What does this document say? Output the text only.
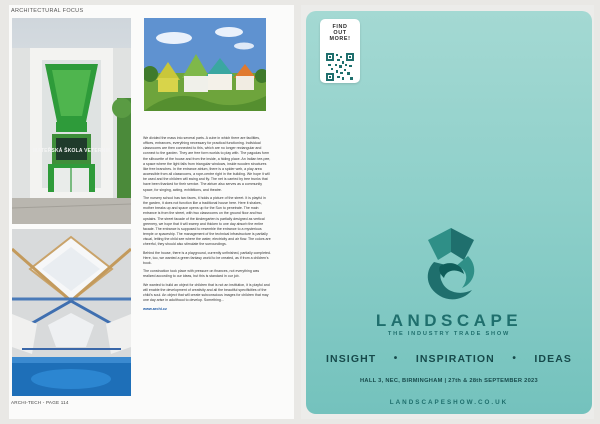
ARCHITECTURAL FOCUS
MATEŘSKÁ ŠKOLA VETERNIK

We divided the mass into several parts. A cube in which there are facilities, offices, entrances, everything necessary for practical functioning. Individual classrooms are then connected to this, which are no longer rectangular and connect to the garden. They are free form worlds to play with. The pagodas form the silhouette of the house and from the inside, a hiding place. An Indian tee-pee, a space where the light falls from triangular windows, inside wooden structures like free branches. In the entrance atrium, there is a spider web, a play area accessible from all classrooms, a rope-centre right in the building. We hope it will be used and the children will swing and fly. The net is carried by tree trunks that have been thanked for their service. The atrium also serves as a community space, for singing, acting, exhibitions, and theatre.

The nursery school has two faces, it holds a picture of the street. It is playful in the garden, it does not function like a traditional house here. Here it shakes, mother breaks up and space opens up for the Sun to penetrate. The main entrance is from the street, with two classrooms on the ground floor and two upstairs. The street facade of the kindergarten is partially designed as vertical greenery, we hope that it will sweep and thicken to one day absorb the entire facade. The entrance is supposed to resemble the entrance to a mysterious temple or spaceship. The management of the technical infrastructure is partially visual, letting the child see where the water, electricity and air flow. The colors are cheerful, they should also stimulate the surroundings.

Behind the house, there is a playground, currently unfinished, partially completed. Here, too, we wanted a green fantasy world to be created, as if from a children's book.

The construction took place with pressure on finances, not everything was realized according to our ideas, but this is standard in our job.

We wanted to build an object for children that is not an institution, it is playful and will enable the development of creativity and all the beautiful specificities of the child's soul. An object that will create subconscious images for children that may one day arise in adulthood to develop. Something...

www.archi.cz

ARCHI-TECH - PAGE 114
FIND
OUT
MORE!
LANDSCAPE
THE INDUSTRY TRADE SHOW
INSIGHT • INSPIRATION • IDEAS
HALL 3, NEC, BIRMINGHAM | 27th & 28th SEPTEMBER 2023
LANDSCAPESHOW.CO.UK
